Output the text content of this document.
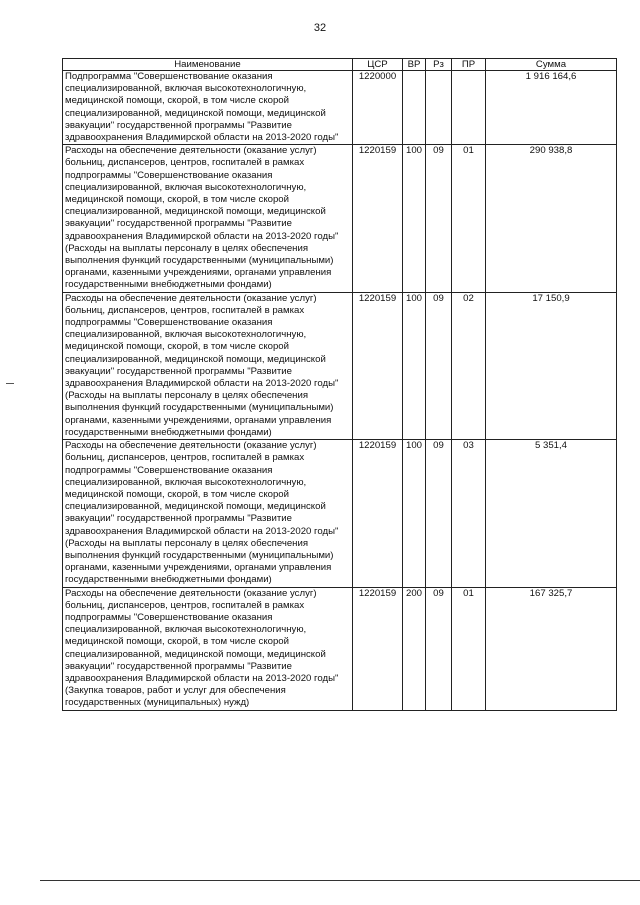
32
Наименование	ЦСР	ВР	Рз	ПР	Сумма
Подпрограмма "Совершенствование оказания специализированной, включая высокотехнологичную, медицинской помощи, скорой, в том числе скорой специализированной, медицинской помощи, медицинской эвакуации" государственной программы "Развитие здравоохранения Владимирской области на 2013-2020 годы"	1220000				1 916 164,6
Расходы на обеспечение деятельности (оказание услуг) больниц, диспансеров, центров, госпиталей в рамках подпрограммы "Совершенствование оказания специализированной, включая высокотехнологичную, медицинской помощи, скорой, в том числе скорой специализированной, медицинской помощи, медицинской эвакуации" государственной программы "Развитие здравоохранения Владимирской области на 2013-2020 годы" (Расходы на выплаты персоналу в целях обеспечения выполнения функций государственными (муниципальными) органами, казенными учреждениями, органами управления государственными внебюджетными фондами)	1220159	100	09	01	290 938,8
Расходы на обеспечение деятельности (оказание услуг) больниц, диспансеров, центров, госпиталей в рамках подпрограммы "Совершенствование оказания специализированной, включая высокотехнологичную, медицинской помощи, скорой, в том числе скорой специализированной, медицинской помощи, медицинской эвакуации" государственной программы "Развитие здравоохранения Владимирской области на 2013-2020 годы" (Расходы на выплаты персоналу в целях обеспечения выполнения функций государственными (муниципальными) органами, казенными учреждениями, органами управления государственными внебюджетными фондами)	1220159	100	09	02	17 150,9
Расходы на обеспечение деятельности (оказание услуг) больниц, диспансеров, центров, госпиталей в рамках подпрограммы "Совершенствование оказания специализированной, включая высокотехнологичную, медицинской помощи, скорой, в том числе скорой специализированной, медицинской помощи, медицинской эвакуации" государственной программы "Развитие здравоохранения Владимирской области на 2013-2020 годы" (Расходы на выплаты персоналу в целях обеспечения выполнения функций государственными (муниципальными) органами, казенными учреждениями, органами управления государственными внебюджетными фондами)	1220159	100	09	03	5 351,4
Расходы на обеспечение деятельности (оказание услуг) больниц, диспансеров, центров, госпиталей в рамках подпрограммы "Совершенствование оказания специализированной, включая высокотехнологичную, медицинской помощи, скорой, в том числе скорой специализированной, медицинской помощи, медицинской эвакуации" государственной программы "Развитие здравоохранения Владимирской области на 2013-2020 годы" (Закупка товаров, работ и услуг для обеспечения государственных (муниципальных) нужд)	1220159	200	09	01	167 325,7
